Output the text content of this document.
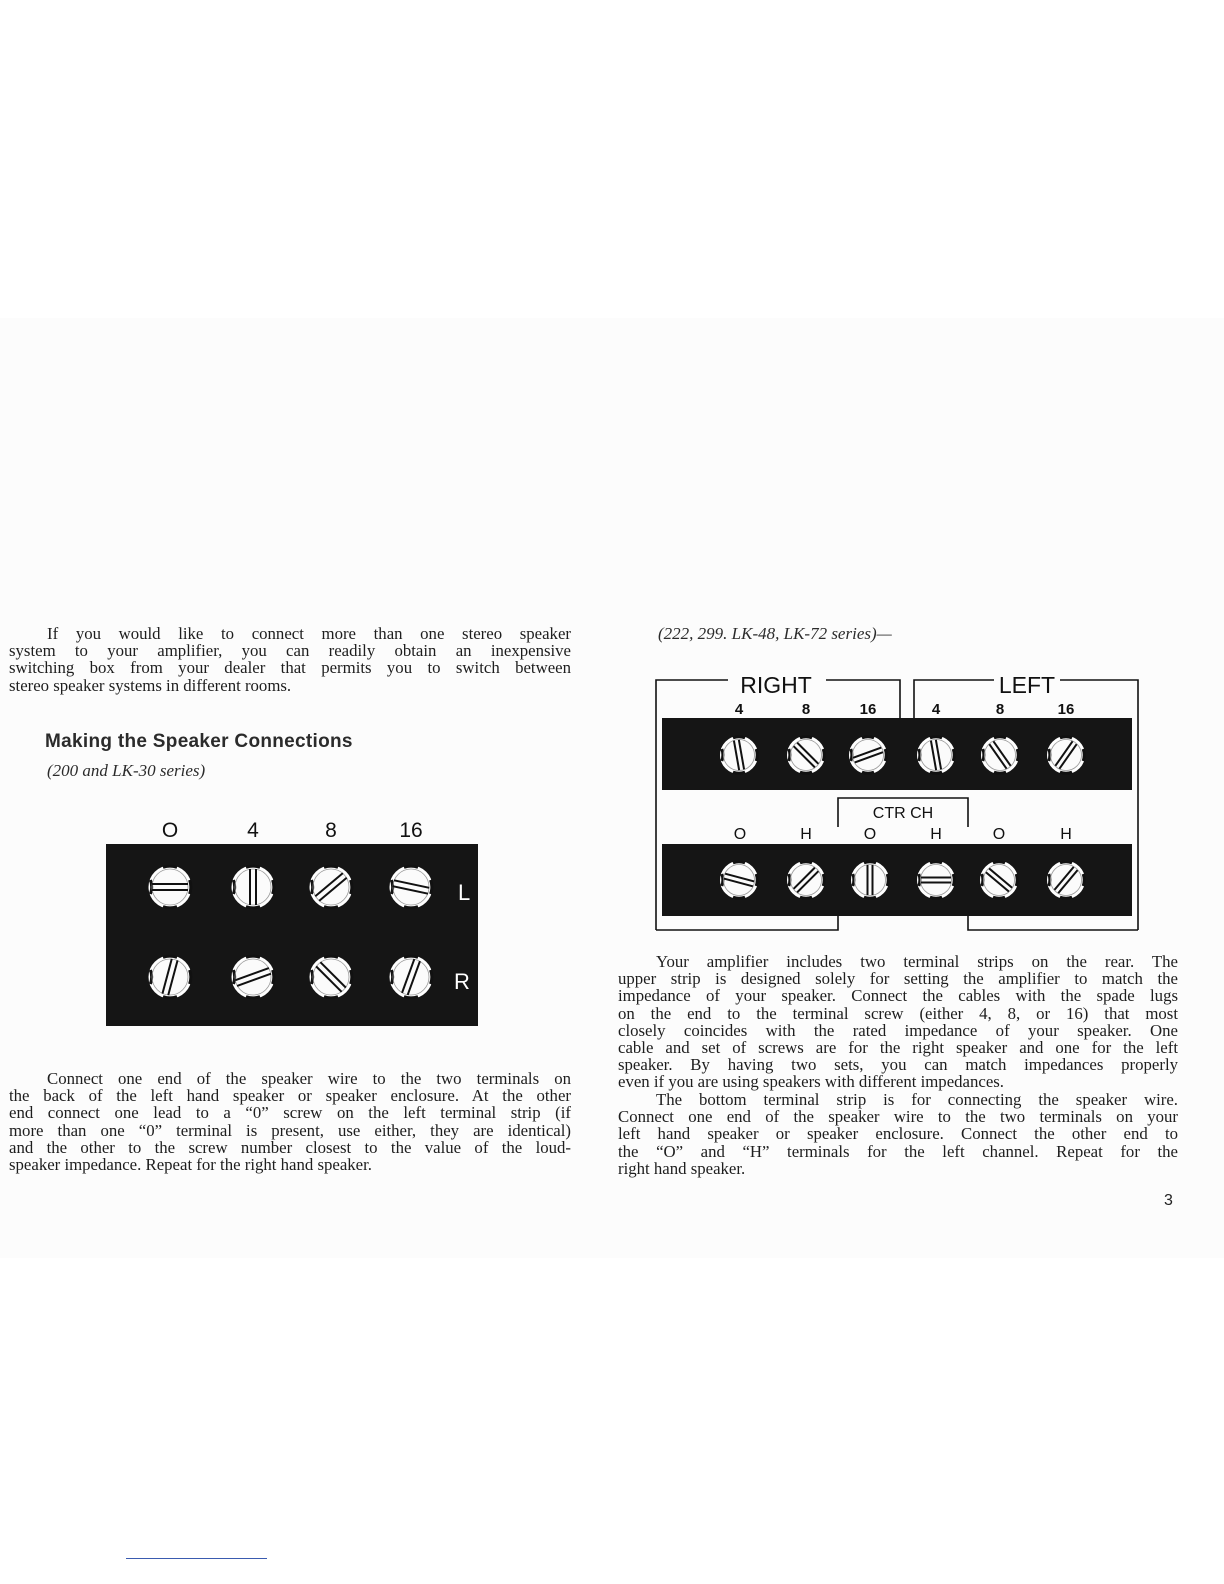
If you would like to connect more than one stereo speaker
system to your amplifier, you can readily obtain an inexpensive
switching box from your dealer that permits you to switch between
stereo speaker systems in different rooms.
Making the Speaker Connections

(200 and LK-30 series)

O	4	8	16
L
R
Connect one end of the speaker wire to the two terminals on
the back of the left hand speaker or speaker enclosure. At the other
end connect one lead to a “0” screw on the left terminal strip (if
more than one “0” terminal is present, use either, they are identical)
and the other to the screw number closest to the value of the loud-
speaker impedance. Repeat for the right hand speaker.

(222, 299. LK-48, LK-72 series)—

RIGHT	LEFT
4	8	16	4	8	16
CTR CH
O	H	O	H	O	H
Your amplifier includes two terminal strips on the rear. The
upper strip is designed solely for setting the amplifier to match the
impedance of your speaker. Connect the cables with the spade lugs
on the end to the terminal screw (either 4, 8, or 16) that most
closely coincides with the rated impedance of your speaker. One
cable and set of screws are for the right speaker and one for the left
speaker. By having two sets, you can match impedances properly
even if you are using speakers with different impedances.
The bottom terminal strip is for connecting the speaker wire.
Connect one end of the speaker wire to the two terminals on your
left hand speaker or speaker enclosure. Connect the other end to
the “O” and “H” terminals for the left channel. Repeat for the
right hand speaker.
3
